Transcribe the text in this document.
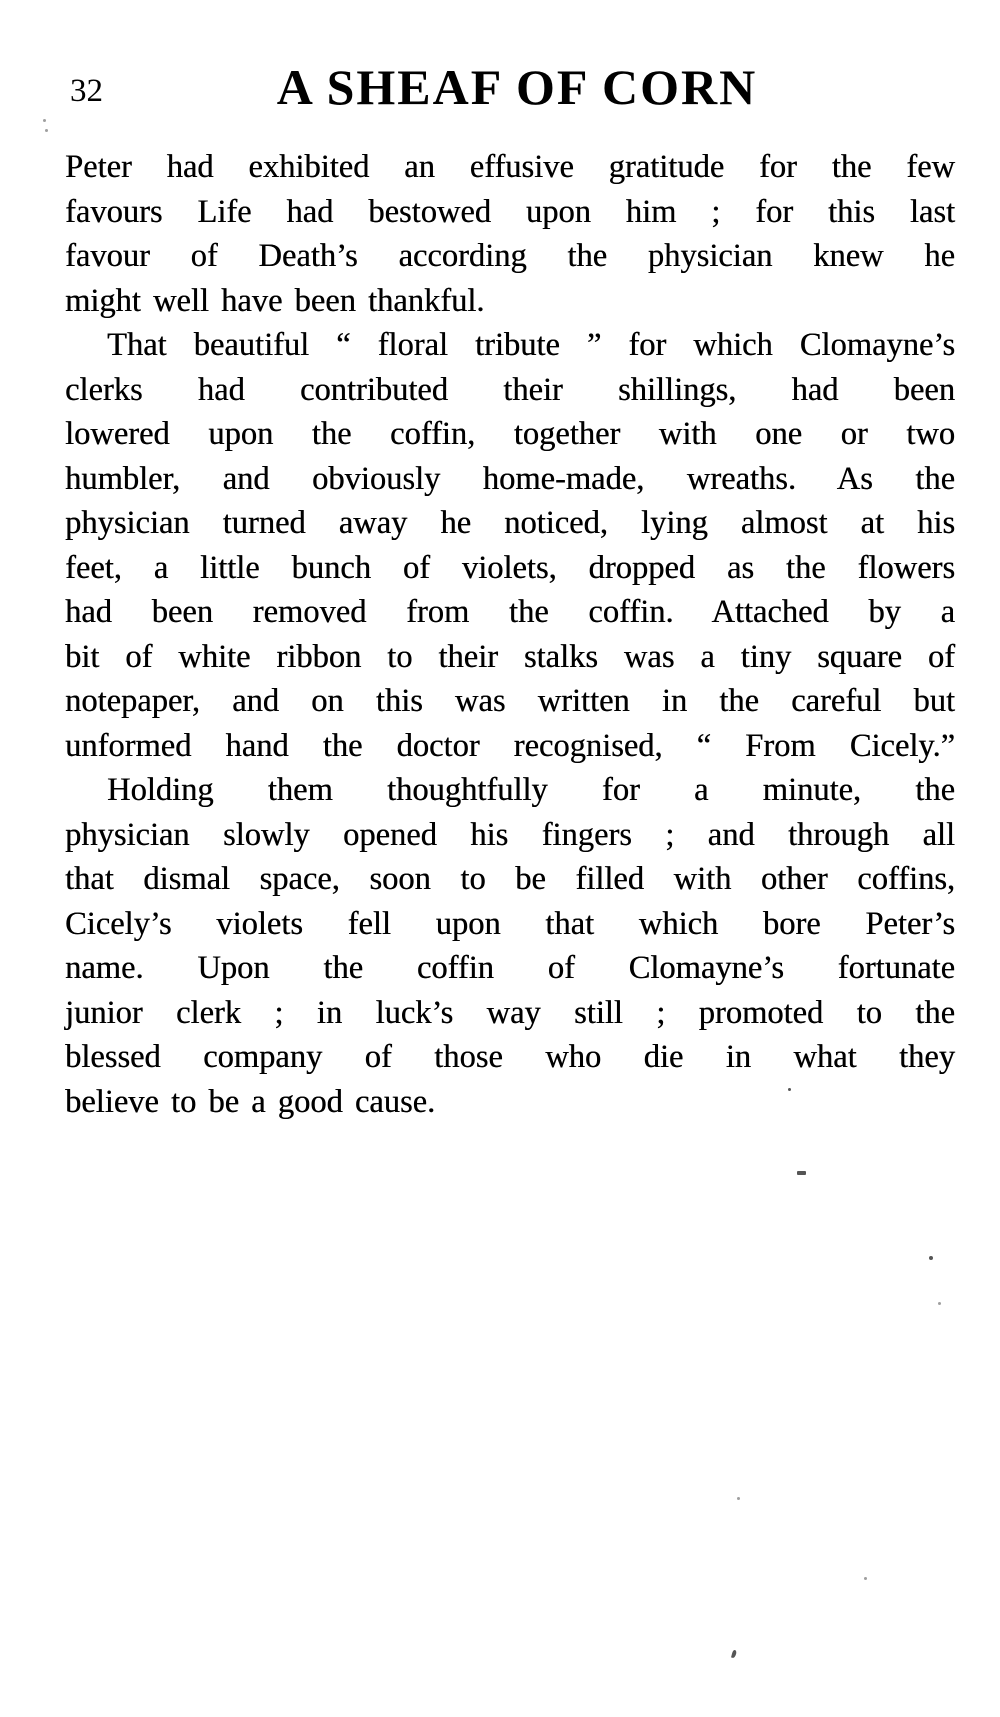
32	A SHEAF OF CORN
Peter had exhibited an effusive gratitude for the few
favours Life had bestowed upon him ; for this last
favour of Death’s according the physician knew he
might well have been thankful.
That beautiful “ floral tribute ” for which Clomayne’s
clerks had contributed their shillings, had been
lowered upon the coffin, together with one or two
humbler, and obviously home-made, wreaths. As the
physician turned away he noticed, lying almost at his
feet, a little bunch of violets, dropped as the flowers
had been removed from the coffin. Attached by a
bit of white ribbon to their stalks was a tiny square of
notepaper, and on this was written in the careful but
unformed hand the doctor recognised, “ From Cicely.”
Holding them thoughtfully for a minute, the
physician slowly opened his fingers ; and through all
that dismal space, soon to be filled with other coffins,
Cicely’s violets fell upon that which bore Peter’s
name. Upon the coffin of Clomayne’s fortunate
junior clerk ; in luck’s way still ; promoted to the
blessed company of those who die in what they
believe to be a good cause.
